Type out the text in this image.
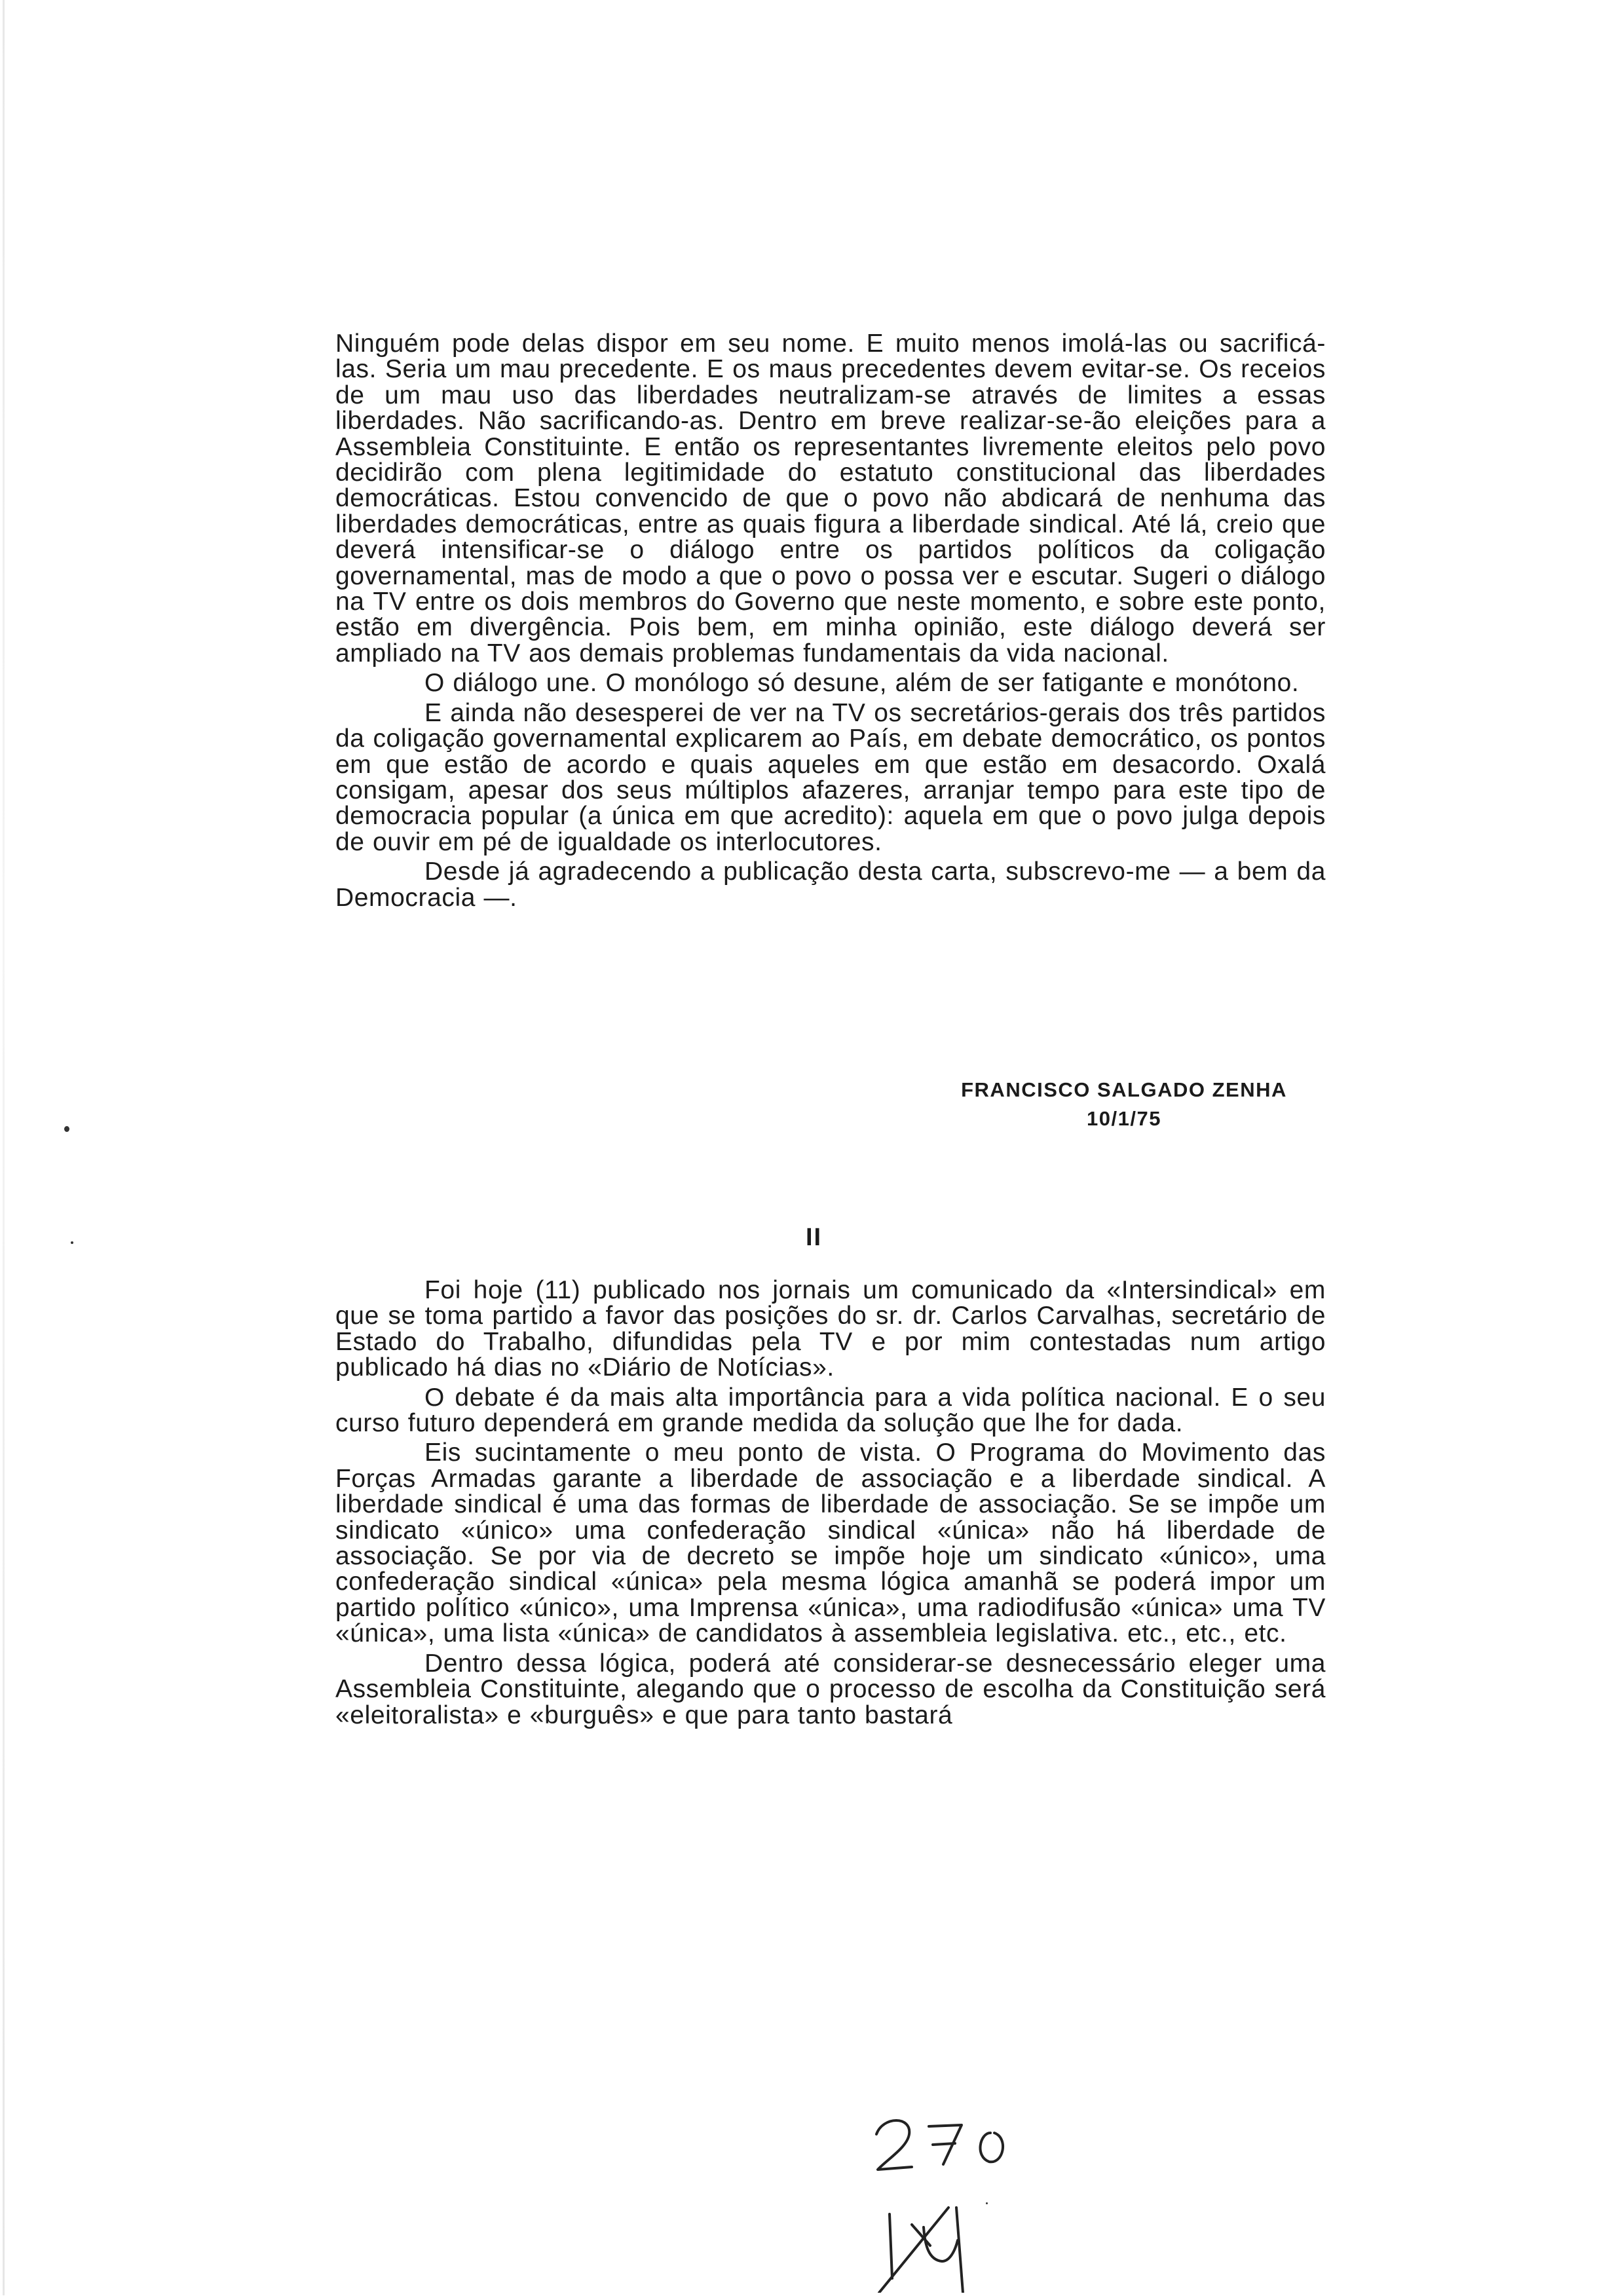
Ninguém pode delas dispor em seu nome. E muito menos imolá-las ou sacrificá-las. Seria um mau precedente. E os maus precedentes devem evitar-se. Os receios de um mau uso das liberdades neutralizam-se através de limites a essas liberdades. Não sacrificando-as. Dentro em breve realizar-se-ão eleições para a Assembleia Constituinte. E então os representantes livremente eleitos pelo povo decidirão com plena legitimidade do estatuto constitucional das liberdades democráticas. Estou convencido de que o povo não abdicará de nenhuma das liberdades democráticas, entre as quais figura a liberdade sindical. Até lá, creio que deverá intensificar-se o diálogo entre os partidos políticos da coligação governamental, mas de modo a que o povo o possa ver e escutar. Sugeri o diálogo na TV entre os dois membros do Governo que neste momento, e sobre este ponto, estão em divergência. Pois bem, em minha opinião, este diálogo deverá ser ampliado na TV aos demais problemas fundamentais da vida nacional.

O diálogo une. O monólogo só desune, além de ser fatigante e monótono.

E ainda não desesperei de ver na TV os secretários-gerais dos três partidos da coligação governamental explicarem ao País, em debate democrático, os pontos em que estão de acordo e quais aqueles em que estão em desacordo. Oxalá consigam, apesar dos seus múltiplos afazeres, arranjar tempo para este tipo de democracia popular (a única em que acredito): aquela em que o povo julga depois de ouvir em pé de igualdade os interlocutores.

Desde já agradecendo a publicação desta carta, subscrevo-me — a bem da Democracia —.

FRANCISCO SALGADO ZENHA
10/1/75
II

Foi hoje (11) publicado nos jornais um comunicado da «Intersindical» em que se toma partido a favor das posições do sr. dr. Carlos Carvalhas, secretário de Estado do Trabalho, difundidas pela TV e por mim contestadas num artigo publicado há dias no «Diário de Notícias».

O debate é da mais alta importância para a vida política nacional. E o seu curso futuro dependerá em grande medida da solução que lhe for dada.

Eis sucintamente o meu ponto de vista. O Programa do Movimento das Forças Armadas garante a liberdade de associação e a liberdade sindical. A liberdade sindical é uma das formas de liberdade de associação. Se se impõe um sindicato «único» uma confederação sindical «única» não há liberdade de associação. Se por via de decreto se impõe hoje um sindicato «único», uma confederação sindical «única» pela mesma lógica amanhã se poderá impor um partido político «único», uma Imprensa «única», uma radiodifusão «única» uma TV «única», uma lista «única» de candidatos à assembleia legislativa. etc., etc., etc.

Dentro dessa lógica, poderá até considerar-se desnecessário eleger uma Assembleia Constituinte, alegando que o processo de escolha da Constituição será «eleitoralista» e «burguês» e que para tanto bastará
